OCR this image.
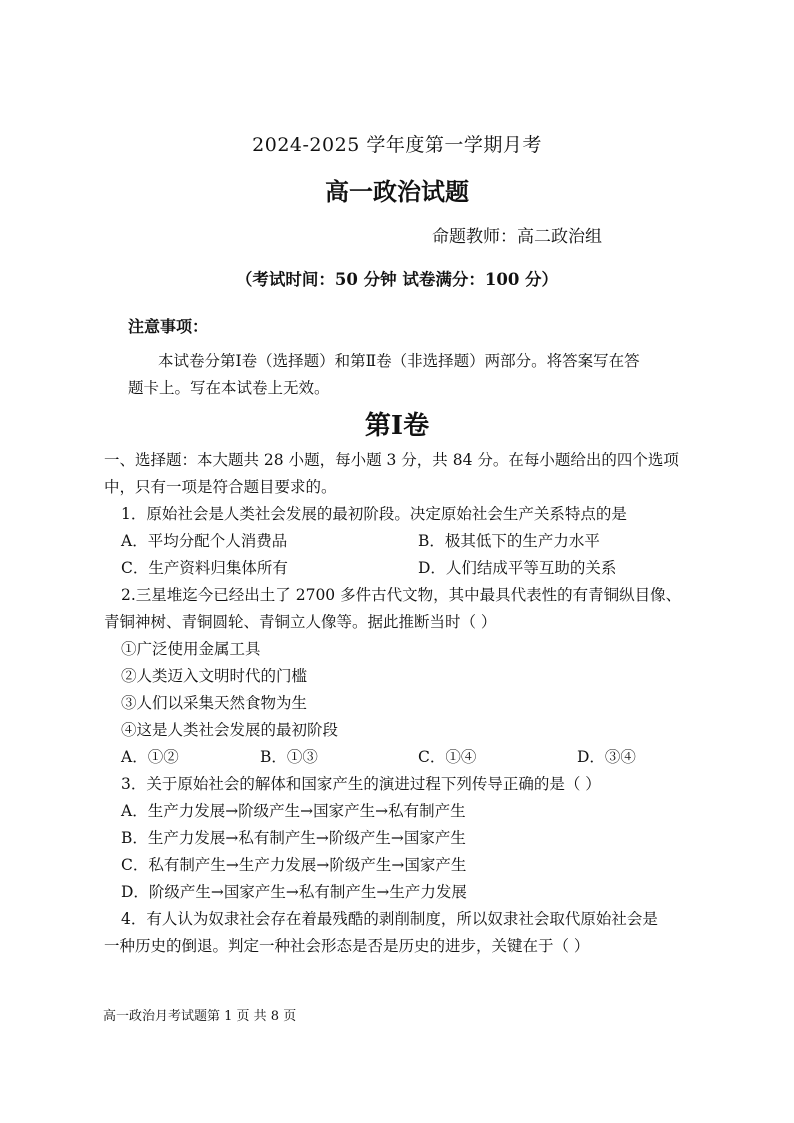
2024-2025 学年度第一学期月考
高一政治试题
命题教师：高二政治组
（考试时间：50 分钟 试卷满分：100 分）
注意事项：
本试卷分第Ⅰ卷（选择题）和第Ⅱ卷（非选择题）两部分。将答案写在答
题卡上。写在本试卷上无效。
第Ⅰ卷
一、选择题：本大题共 28 小题，每小题 3 分，共 84 分。在每小题给出的四个选项
中，只有一项是符合题目要求的。
1．原始社会是人类社会发展的最初阶段。决定原始社会生产关系特点的是
A．平均分配个人消费品	B．极其低下的生产力水平
C．生产资料归集体所有	D．人们结成平等互助的关系
2.三星堆迄今已经出土了 2700 多件古代文物，其中最具代表性的有青铜纵目像、
青铜神树、青铜圆轮、青铜立人像等。据此推断当时（ ）
①广泛使用金属工具
②人类迈入文明时代的门槛
③人们以采集天然食物为生
④这是人类社会发展的最初阶段
A．①②	B．①③	C．①④	D．③④
3．关于原始社会的解体和国家产生的演进过程下列传导正确的是（ ）
A．生产力发展→阶级产生→国家产生→私有制产生
B．生产力发展→私有制产生→阶级产生→国家产生
C．私有制产生→生产力发展→阶级产生→国家产生
D．阶级产生→国家产生→私有制产生→生产力发展
4．有人认为奴隶社会存在着最残酷的剥削制度，所以奴隶社会取代原始社会是
一种历史的倒退。判定一种社会形态是否是历史的进步，关键在于（ ）
高一政治月考试题第 1 页 共 8 页
